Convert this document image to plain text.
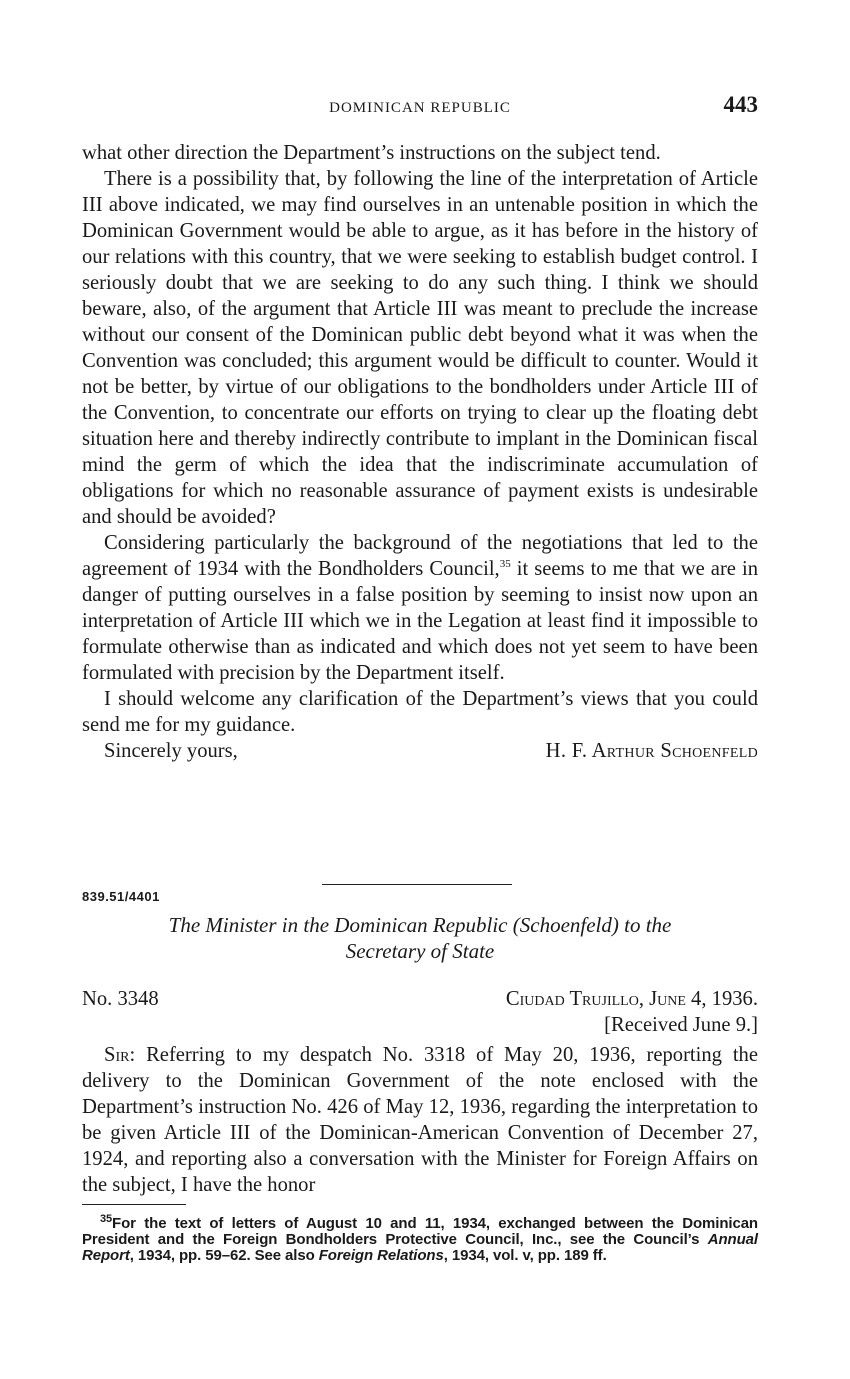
DOMINICAN REPUBLIC	443

what other direction the Department’s instructions on the subject tend.

There is a possibility that, by following the line of the interpretation of Article III above indicated, we may find ourselves in an untenable position in which the Dominican Government would be able to argue, as it has before in the history of our relations with this country, that we were seeking to establish budget control. I seriously doubt that we are seeking to do any such thing. I think we should beware, also, of the argument that Article III was meant to preclude the increase without our consent of the Dominican public debt beyond what it was when the Convention was concluded; this argument would be difficult to counter. Would it not be better, by virtue of our obligations to the bondholders under Article III of the Convention, to concentrate our efforts on trying to clear up the floating debt situation here and thereby indirectly contribute to implant in the Dominican fiscal mind the germ of which the idea that the indiscriminate accumulation of obligations for which no reasonable assurance of payment exists is undesirable and should be avoided?

Considering particularly the background of the negotiations that led to the agreement of 1934 with the Bondholders Council,$^{35}$ it seems to me that we are in danger of putting ourselves in a false position by seeming to insist now upon an interpretation of Article III which we in the Legation at least find it impossible to formulate otherwise than as indicated and which does not yet seem to have been formulated with precision by the Department itself.

I should welcome any clarification of the Department’s views that you could send me for my guidance.

Sincerely yours,	H. F. Arthur Schoenfeld
839.51/4401
The Minister in the Dominican Republic (Schoenfeld) to the
Secretary of State
No. 3348	Ciudad Trujillo, June 4, 1936.
[Received June 9.]

Sir: Referring to my despatch No. 3318 of May 20, 1936, reporting the delivery to the Dominican Government of the note enclosed with the Department’s instruction No. 426 of May 12, 1936, regarding the interpretation to be given Article III of the Dominican-American Convention of December 27, 1924, and reporting also a conversation with the Minister for Foreign Affairs on the subject, I have the honor

$^{35}$For the text of letters of August 10 and 11, 1934, exchanged between the Dominican President and the Foreign Bondholders Protective Council, Inc., see the Council’s Annual Report, 1934, pp. 59–62. See also Foreign Relations, 1934, vol. v, pp. 189 ff.
